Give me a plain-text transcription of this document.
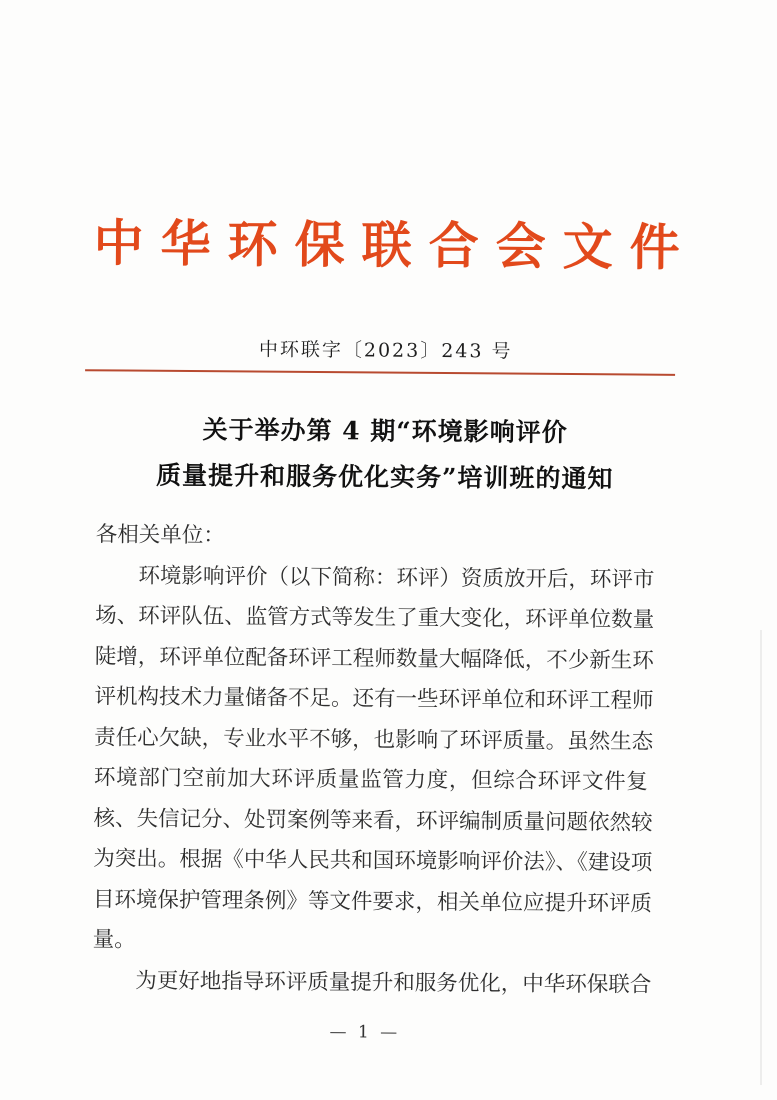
中华环保联合会文件
中环联字〔2023〕243 号
关于举办第 4 期“环境影响评价
质量提升和服务优化实务”培训班的通知
各相关单位：
环境影响评价（以下简称：环评）资质放开后，环评市
场、环评队伍、监管方式等发生了重大变化，环评单位数量
陡增，环评单位配备环评工程师数量大幅降低，不少新生环
评机构技术力量储备不足。还有一些环评单位和环评工程师
责任心欠缺，专业水平不够，也影响了环评质量。虽然生态
环境部门空前加大环评质量监管力度，但综合环评文件复
核、失信记分、处罚案例等来看，环评编制质量问题依然较
为突出。根据《中华人民共和国环境影响评价法》、《建设项
目环境保护管理条例》等文件要求，相关单位应提升环评质
量。
为更好地指导环评质量提升和服务优化，中华环保联合
— 1 —
